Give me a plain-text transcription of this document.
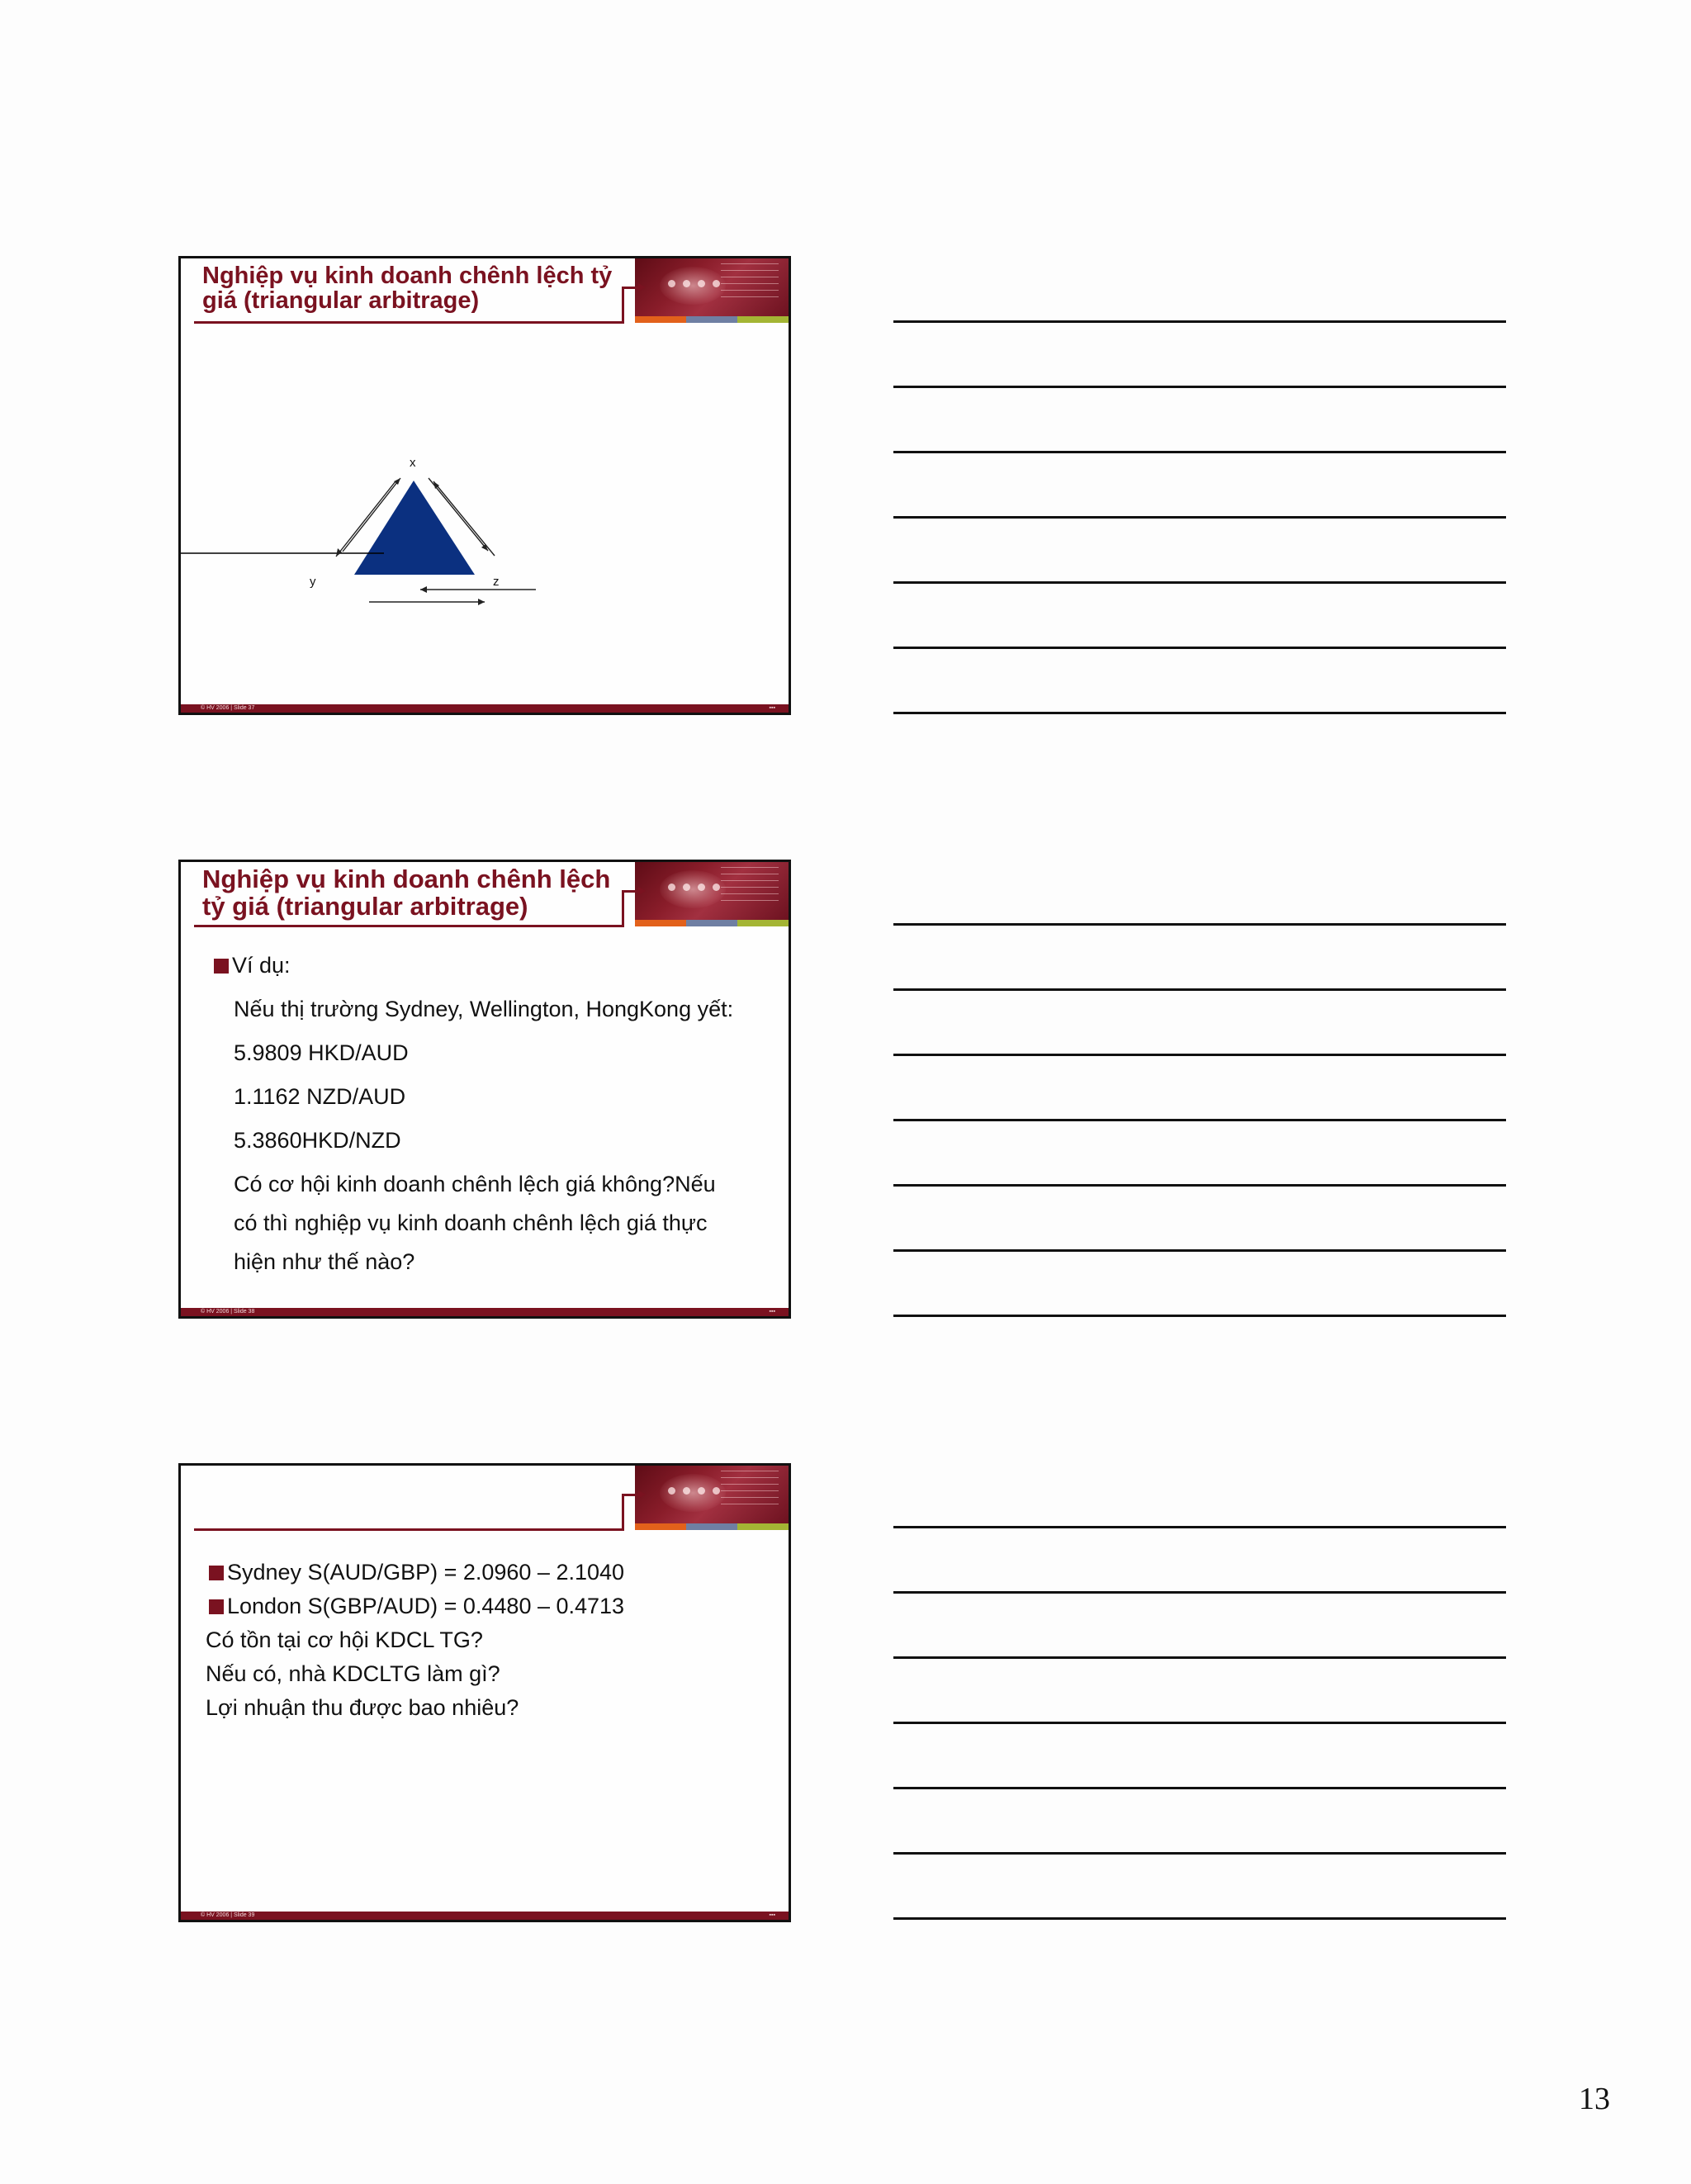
Nghiệp vụ kinh doanh chênh lệch tỷ giá (triangular arbitrage)
x
y	z
© HV 2006 | Slide 37	▪▪▪
Nghiệp vụ kinh doanh chênh lệch tỷ giá (triangular arbitrage)

Ví dụ:

Nếu thị trường Sydney, Wellington, HongKong yết:

5.9809 HKD/AUD

1.1162 NZD/AUD

5.3860HKD/NZD

Có cơ hội kinh doanh chênh lệch giá không?Nếu

có thì nghiệp vụ kinh doanh chênh lệch giá thực

hiện như thế nào?

© HV 2006 | Slide 38	▪▪▪

Sydney S(AUD/GBP) = 2.0960 – 2.1040

London S(GBP/AUD) = 0.4480 – 0.4713

Có tồn tại cơ hội KDCL TG?

Nếu có, nhà KDCLTG làm gì?

Lợi nhuận thu được bao nhiêu?

© HV 2006 | Slide 39	▪▪▪
13
